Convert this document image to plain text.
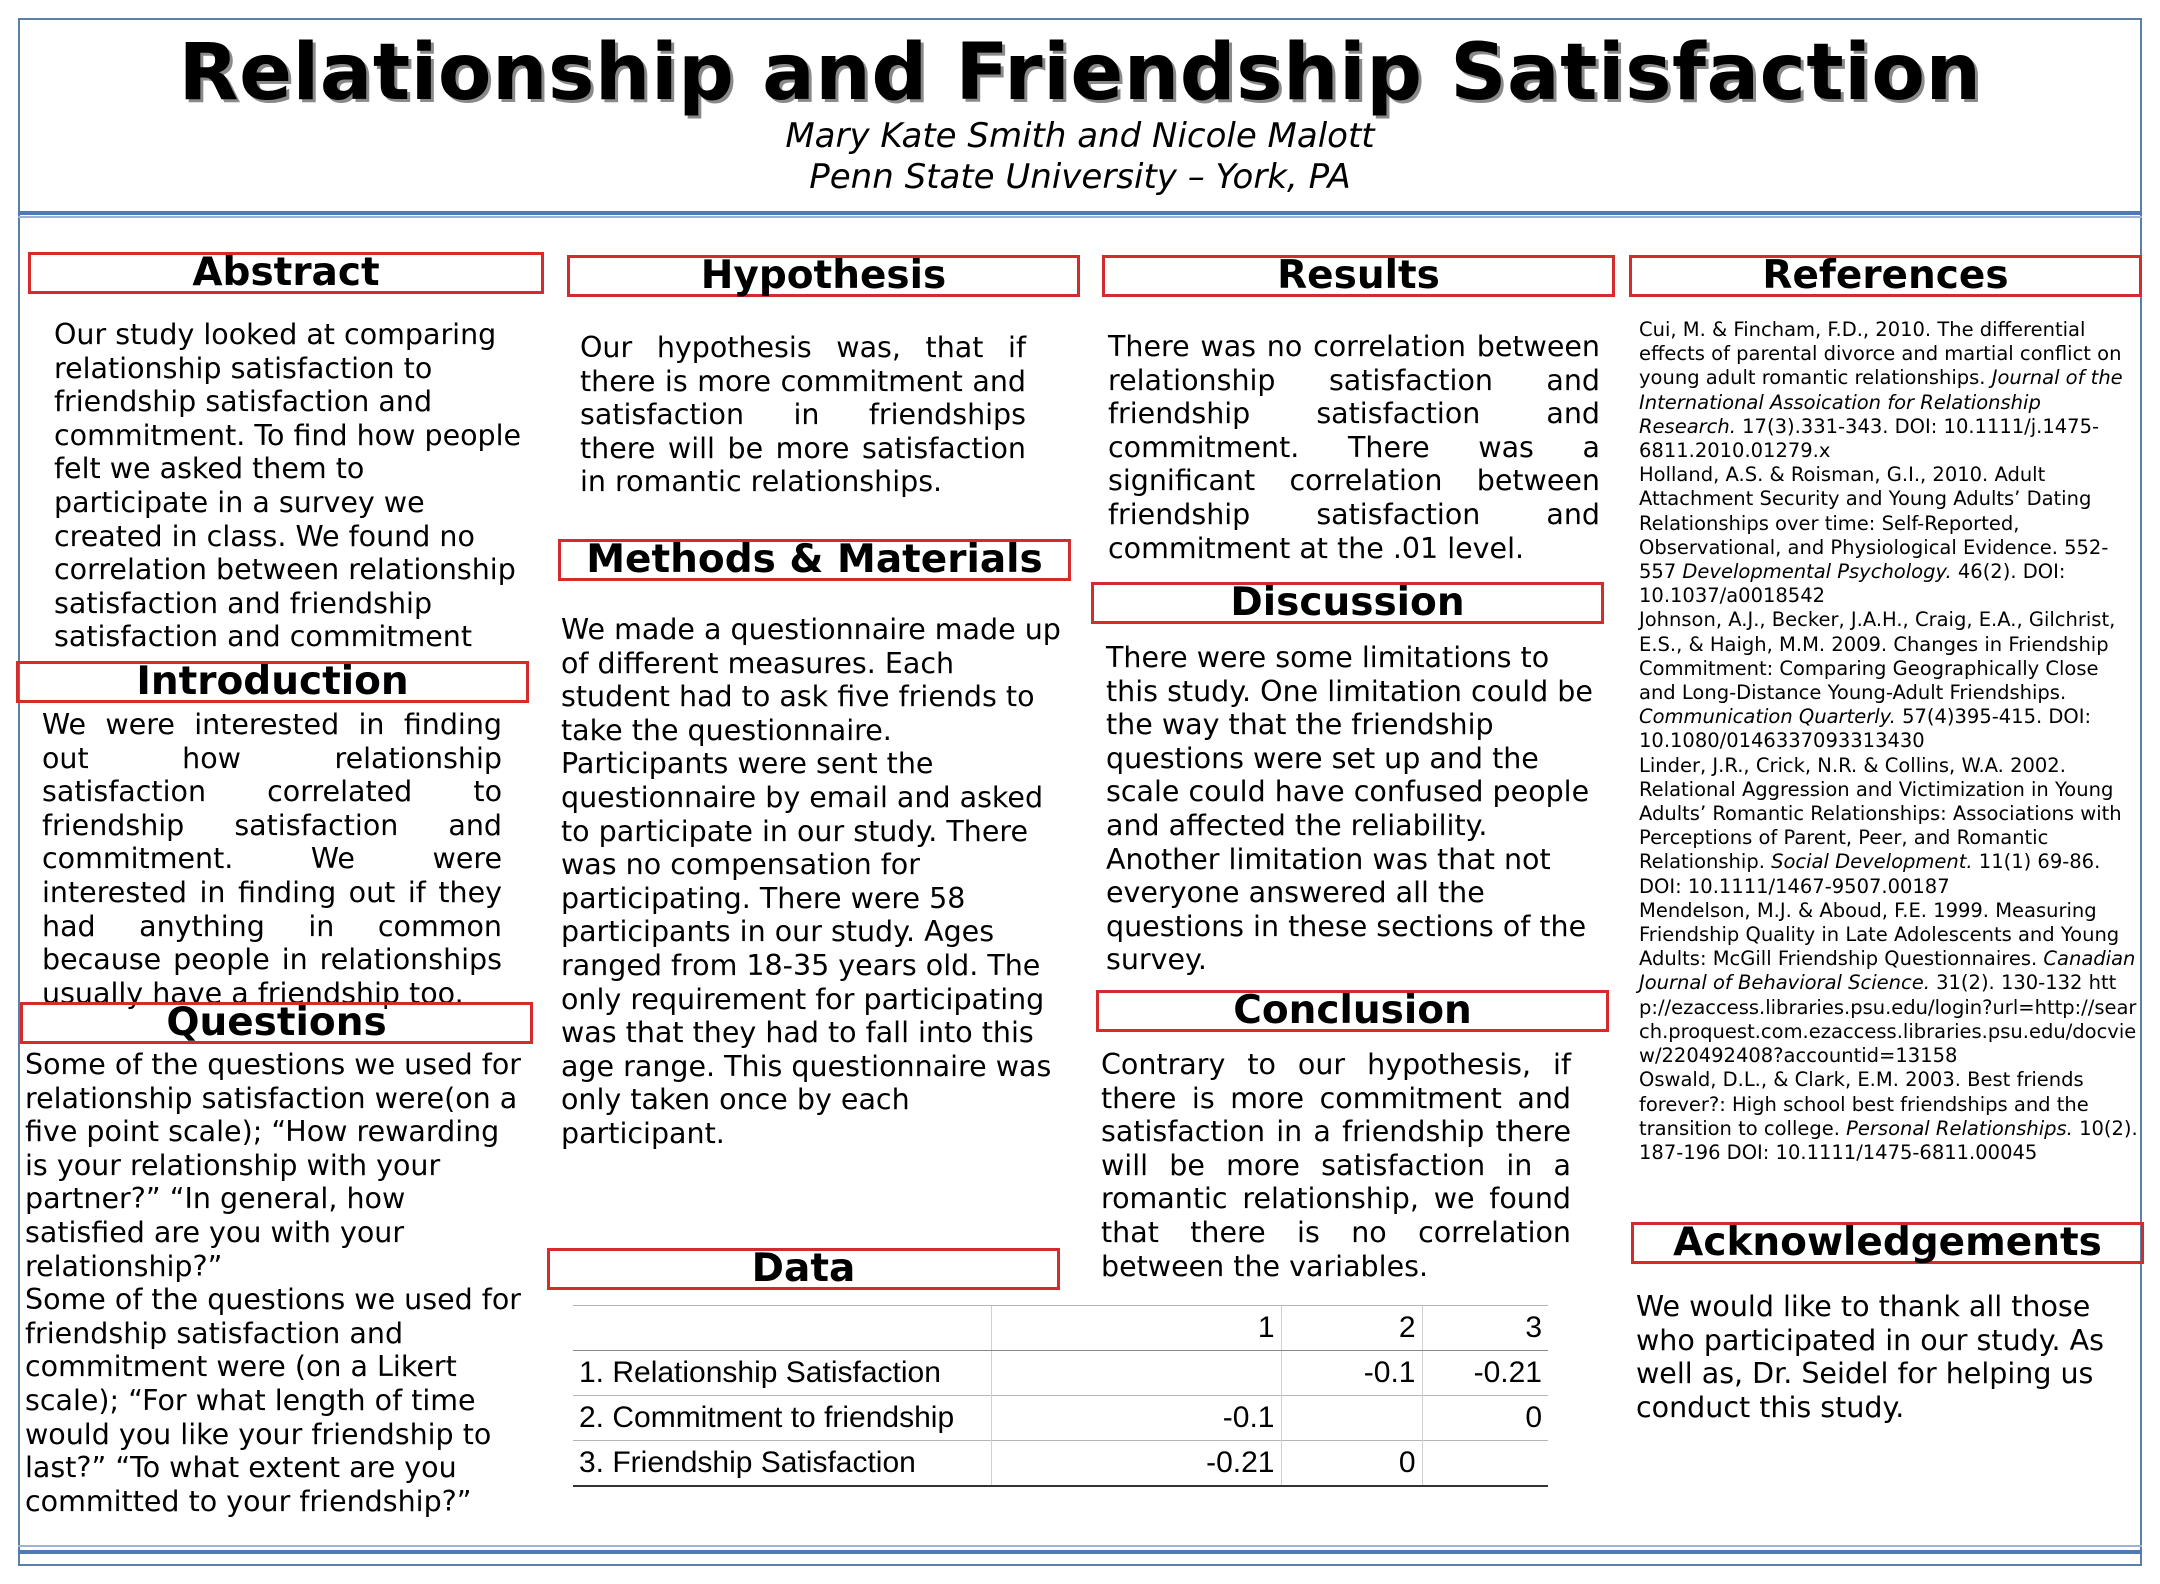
Relationship and Friendship Satisfaction
Mary Kate Smith and Nicole Malott
Penn State University – York, PA
Abstract
Our study looked at comparing
relationship satisfaction to
friendship satisfaction and
commitment. To find how people
felt we asked them to
participate in a survey we
created in class. We found no
correlation between relationship
satisfaction and friendship
satisfaction and commitment
Introduction
We were interested in finding out how relationship satisfaction correlated to friendship satisfaction and commitment. We were interested in finding out if they had anything in common because people in relationships usually have a friendship too.
Questions
Some of the questions we used for
relationship satisfaction were(on a
five point scale); “How rewarding
is your relationship with your
partner?” “In general, how
satisfied are you with your
relationship?”
Some of the questions we used for
friendship satisfaction and
commitment were (on a Likert
scale); “For what length of time
would you like your friendship to
last?” “To what extent are you
committed to your friendship?”
Hypothesis
Our hypothesis was, that if there is more commitment and satisfaction in friendships there will be more satisfaction in romantic relationships.
Methods & Materials
We made a questionnaire made up
of different measures. Each
student had to ask five friends to
take the questionnaire.
Participants were sent the
questionnaire by email and asked
to participate in our study. There
was no compensation for
participating. There were 58
participants in our study. Ages
ranged from 18-35 years old. The
only requirement for participating
was that they had to fall into this
age range. This questionnaire was
only taken once by each
participant.
Data
	1	2	3
1. Relationship Satisfaction		-0.1	-0.21
2. Commitment to friendship	-0.1		0
3. Friendship Satisfaction	-0.21	0	
Results
There was no correlation between relationship satisfaction and friendship satisfaction and commitment. There was a significant correlation between friendship satisfaction and commitment at the .01 level.
Discussion
There were some limitations to
this study. One limitation could be
the way that the friendship
questions were set up and the
scale could have confused people
and affected the reliability.
Another limitation was that not
everyone answered all the
questions in these sections of the
survey.
Conclusion
Contrary to our hypothesis, if there is more commitment and satisfaction in a friendship there will be more satisfaction in a romantic relationship, we found that there is no correlation between the variables.
References

Cui, M. & Fincham, F.D., 2010. The differential effects of parental divorce and martial conflict on young adult romantic relationships. Journal of the International Assoication for Relationship Research. 17(3).331-343. DOI: 10.1111/j.1475-6811.2010.01279.x

Holland, A.S. & Roisman, G.I., 2010. Adult Attachment Security and Young Adults’ Dating Relationships over time: Self-Reported, Observational, and Physiological Evidence. 552-557 Developmental Psychology. 46(2). DOI: 10.1037/a0018542

Johnson, A.J., Becker, J.A.H., Craig, E.A., Gilchrist, E.S., & Haigh, M.M. 2009. Changes in Friendship Commitment: Comparing Geographically Close and Long-Distance Young-Adult Friendships. Communication Quarterly. 57(4)395-415. DOI: 10.1080/0146337093313430

Linder, J.R., Crick, N.R. & Collins, W.A. 2002. Relational Aggression and Victimization in Young Adults’ Romantic Relationships: Associations with Perceptions of Parent, Peer, and Romantic Relationship. Social Development. 11(1) 69-86. DOI: 10.1111/1467-9507.00187

Mendelson, M.J. & Aboud, F.E. 1999. Measuring Friendship Quality in Late Adolescents and Young Adults: McGill Friendship Questionnaires. Canadian Journal of Behavioral Science. 31(2). 130-132 http://ezaccess.libraries.psu.edu/login?url=http://search.proquest.com.ezaccess.libraries.psu.edu/docview/220492408?accountid=13158

Oswald, D.L., & Clark, E.M. 2003. Best friends forever?: High school best friendships and the transition to college. Personal Relationships. 10(2). 187-196 DOI: 10.1111/1475-6811.00045

Acknowledgements
We would like to thank all those
who participated in our study. As
well as, Dr. Seidel for helping us
conduct this study.
